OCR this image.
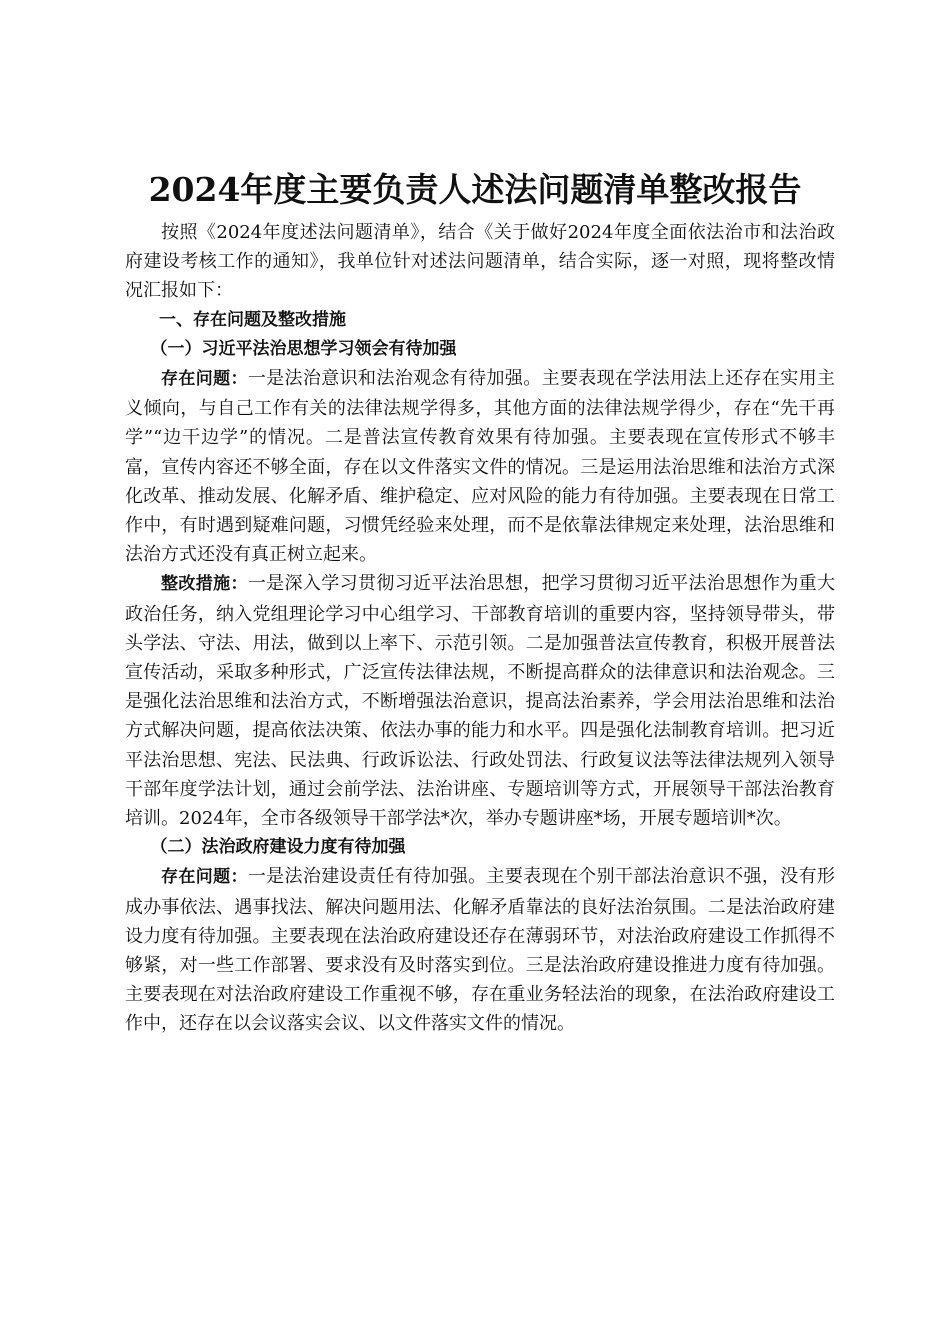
2024年度主要负责人述法问题清单整改报告

按照《2024年度述法问题清单》，结合《关于做好2024年度全面依法治市和法治政府建设考核工作的通知》，我单位针对述法问题清单，结合实际，逐一对照，现将整改情况汇报如下：

一、存在问题及整改措施

（一）习近平法治思想学习领会有待加强

存在问题：一是法治意识和法治观念有待加强。主要表现在学法用法上还存在实用主义倾向，与自己工作有关的法律法规学得多，其他方面的法律法规学得少，存在“先干再学”“边干边学”的情况。二是普法宣传教育效果有待加强。主要表现在宣传形式不够丰富，宣传内容还不够全面，存在以文件落实文件的情况。三是运用法治思维和法治方式深化改革、推动发展、化解矛盾、维护稳定、应对风险的能力有待加强。主要表现在日常工作中，有时遇到疑难问题，习惯凭经验来处理，而不是依靠法律规定来处理，法治思维和法治方式还没有真正树立起来。

整改措施：一是深入学习贯彻习近平法治思想，把学习贯彻习近平法治思想作为重大政治任务，纳入党组理论学习中心组学习、干部教育培训的重要内容，坚持领导带头，带头学法、守法、用法，做到以上率下、示范引领。二是加强普法宣传教育，积极开展普法宣传活动，采取多种形式，广泛宣传法律法规，不断提高群众的法律意识和法治观念。三是强化法治思维和法治方式，不断增强法治意识，提高法治素养，学会用法治思维和法治方式解决问题，提高依法决策、依法办事的能力和水平。四是强化法制教育培训。把习近平法治思想、宪法、民法典、行政诉讼法、行政处罚法、行政复议法等法律法规列入领导干部年度学法计划，通过会前学法、法治讲座、专题培训等方式，开展领导干部法治教育培训。2024年，全市各级领导干部学法*次，举办专题讲座*场，开展专题培训*次。

（二）法治政府建设力度有待加强

存在问题：一是法治建设责任有待加强。主要表现在个别干部法治意识不强，没有形成办事依法、遇事找法、解决问题用法、化解矛盾靠法的良好法治氛围。二是法治政府建设力度有待加强。主要表现在法治政府建设还存在薄弱环节，对法治政府建设工作抓得不够紧，对一些工作部署、要求没有及时落实到位。三是法治政府建设推进力度有待加强。主要表现在对法治政府建设工作重视不够，存在重业务轻法治的现象，在法治政府建设工作中，还存在以会议落实会议、以文件落实文件的情况。
